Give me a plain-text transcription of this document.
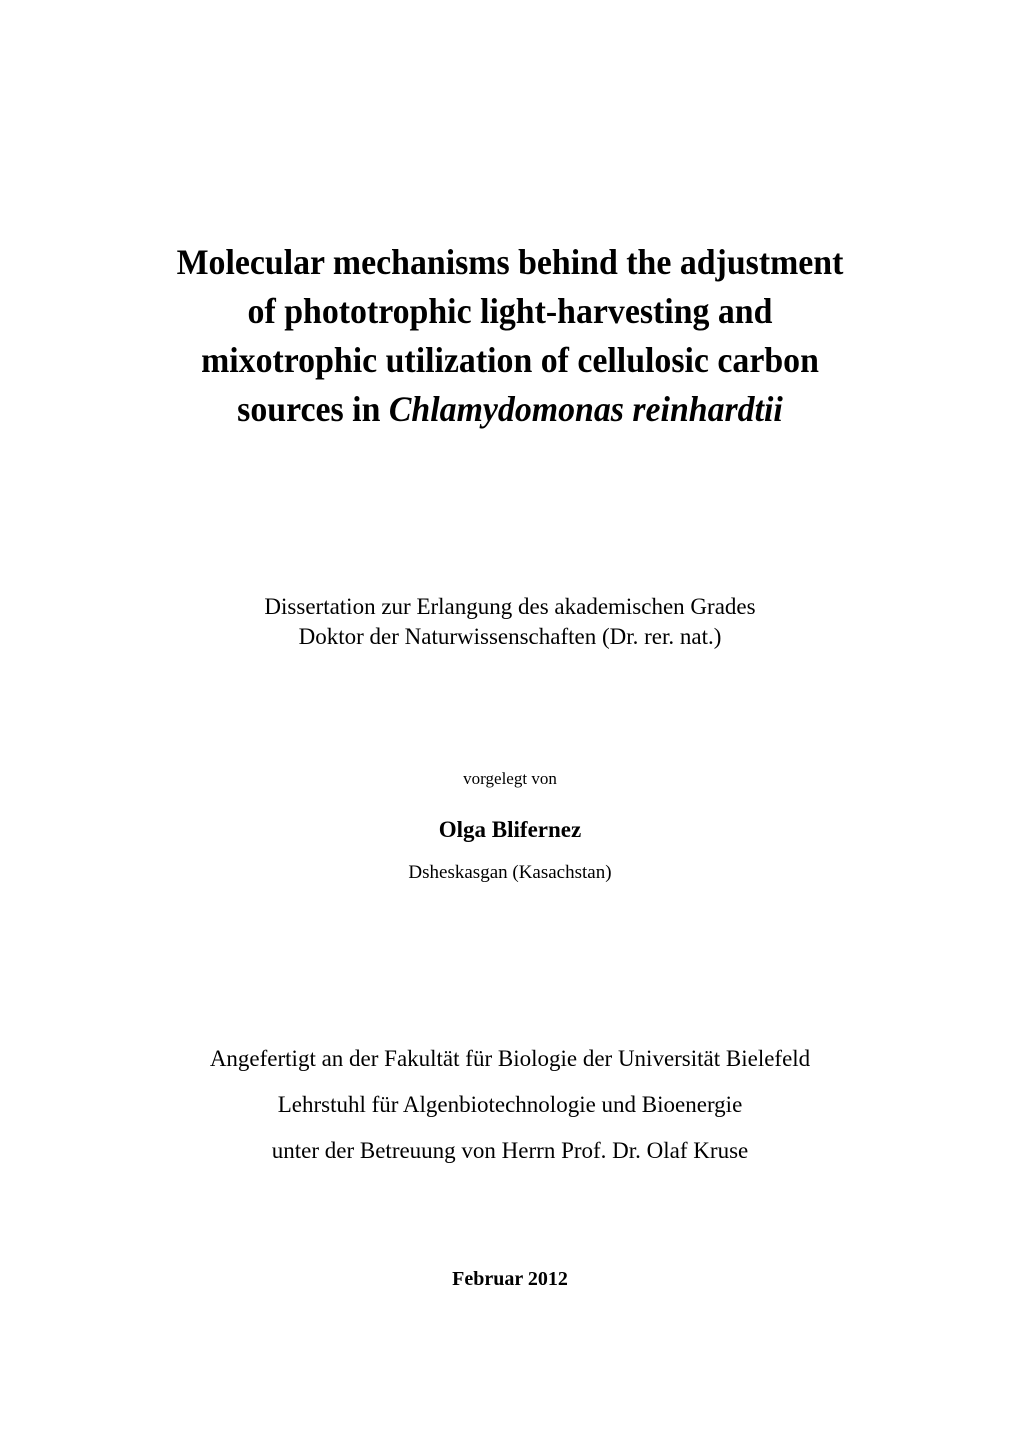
Molecular mechanisms behind the adjustment
of phototrophic light-harvesting and
mixotrophic utilization of cellulosic carbon
sources in Chlamydomonas reinhardtii
Dissertation zur Erlangung des akademischen Grades
Doktor der Naturwissenschaften (Dr. rer. nat.)
vorgelegt von
Olga Blifernez
Dsheskasgan (Kasachstan)
Angefertigt an der Fakultät für Biologie der Universität Bielefeld
Lehrstuhl für Algenbiotechnologie und Bioenergie
unter der Betreuung von Herrn Prof. Dr. Olaf Kruse
Februar 2012
